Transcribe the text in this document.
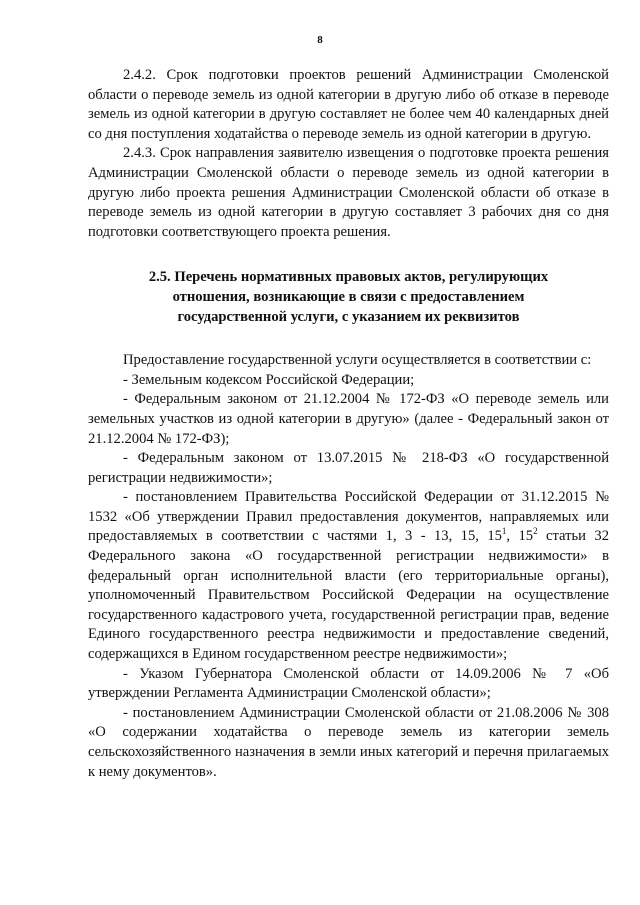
8

2.4.2. Срок подготовки проектов решений Администрации Смоленской области о переводе земель из одной категории в другую либо об отказе в переводе земель из одной категории в другую составляет не более чем 40 календарных дней со дня поступления ходатайства о переводе земель из одной категории в другую.

2.4.3. Срок направления заявителю извещения о подготовке проекта решения Администрации Смоленской области о переводе земель из одной категории в другую либо проекта решения Администрации Смоленской области об отказе в переводе земель из одной категории в другую составляет 3 рабочих дня со дня подготовки соответствующего проекта решения.

2.5. Перечень нормативных правовых актов, регулирующих
отношения, возникающие в связи с предоставлением
государственной услуги, с указанием их реквизитов

Предоставление государственной услуги осуществляется в соответствии с:

- Земельным кодексом Российской Федерации;

- Федеральным законом от 21.12.2004 № 172-ФЗ «О переводе земель или земельных участков из одной категории в другую» (далее - Федеральный закон от 21.12.2004 № 172-ФЗ);

- Федеральным законом от 13.07.2015 № 218-ФЗ «О государственной регистрации недвижимости»;

- постановлением Правительства Российской Федерации от 31.12.2015 № 1532 «Об утверждении Правил предоставления документов, направляемых или предоставляемых в соответствии с частями 1, 3 - 13, 15, $15^1$, $15^2$ статьи 32 Федерального закона «О государственной регистрации недвижимости» в федеральный орган исполнительной власти (его территориальные органы), уполномоченный Правительством Российской Федерации на осуществление государственного кадастрового учета, государственной регистрации прав, ведение Единого государственного реестра недвижимости и предоставление сведений, содержащихся в Едином государственном реестре недвижимости»;

- Указом Губернатора Смоленской области от 14.09.2006 № 7 «Об утверждении Регламента Администрации Смоленской области»;

- постановлением Администрации Смоленской области от 21.08.2006 № 308 «О содержании ходатайства о переводе земель из категории земель сельскохозяйственного назначения в земли иных категорий и перечня прилагаемых к нему документов».
